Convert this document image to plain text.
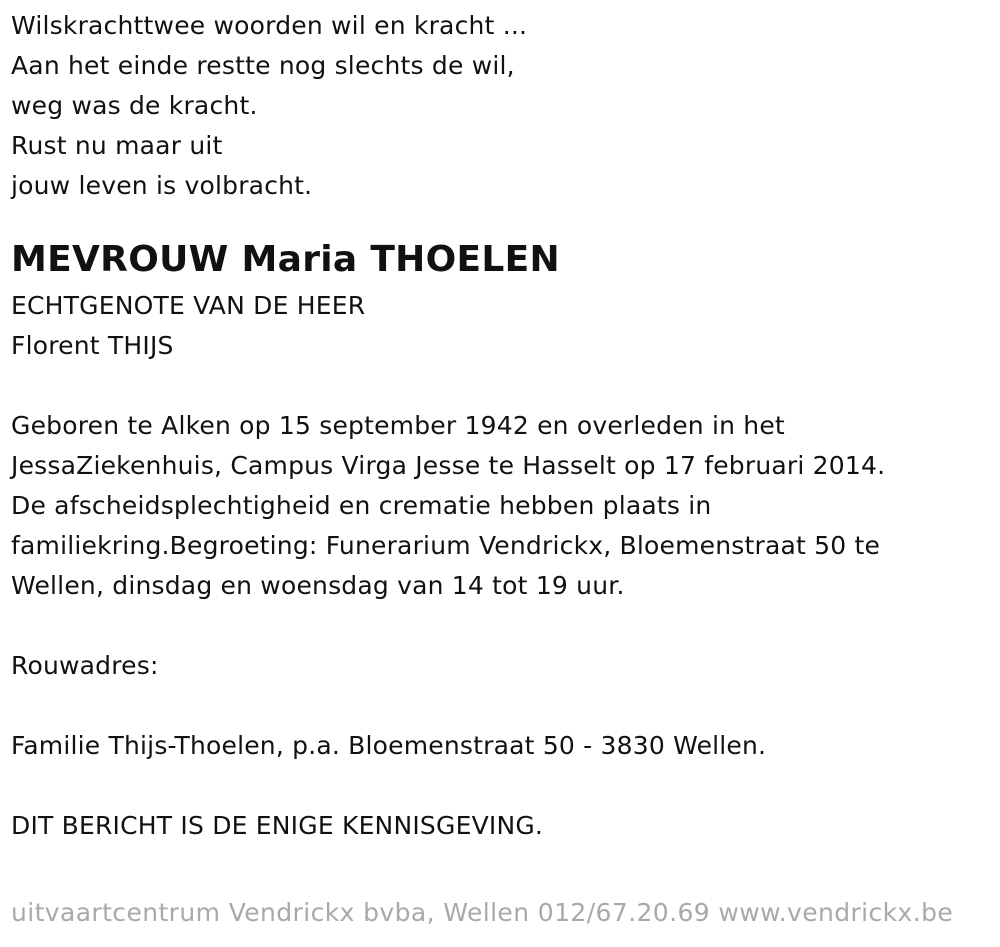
Wilskrachttwee woorden wil en kracht ...
Aan het einde restte nog slechts de wil,
weg was de kracht.
Rust nu maar uit
jouw leven is volbracht.
MEVROUW Maria THOELEN
ECHTGENOTE VAN DE HEER
Florent THIJS
Geboren te Alken op 15 september 1942 en overleden in het
JessaZiekenhuis, Campus Virga Jesse te Hasselt op 17 februari 2014.
De afscheidsplechtigheid en crematie hebben plaats in
familiekring.Begroeting: Funerarium Vendrickx, Bloemenstraat 50 te
Wellen, dinsdag en woensdag van 14 tot 19 uur.
Rouwadres:
Familie Thijs-Thoelen, p.a. Bloemenstraat 50 - 3830 Wellen.
DIT BERICHT IS DE ENIGE KENNISGEVING.
uitvaartcentrum Vendrickx bvba, Wellen 012/67.20.69 www.vendrickx.be
